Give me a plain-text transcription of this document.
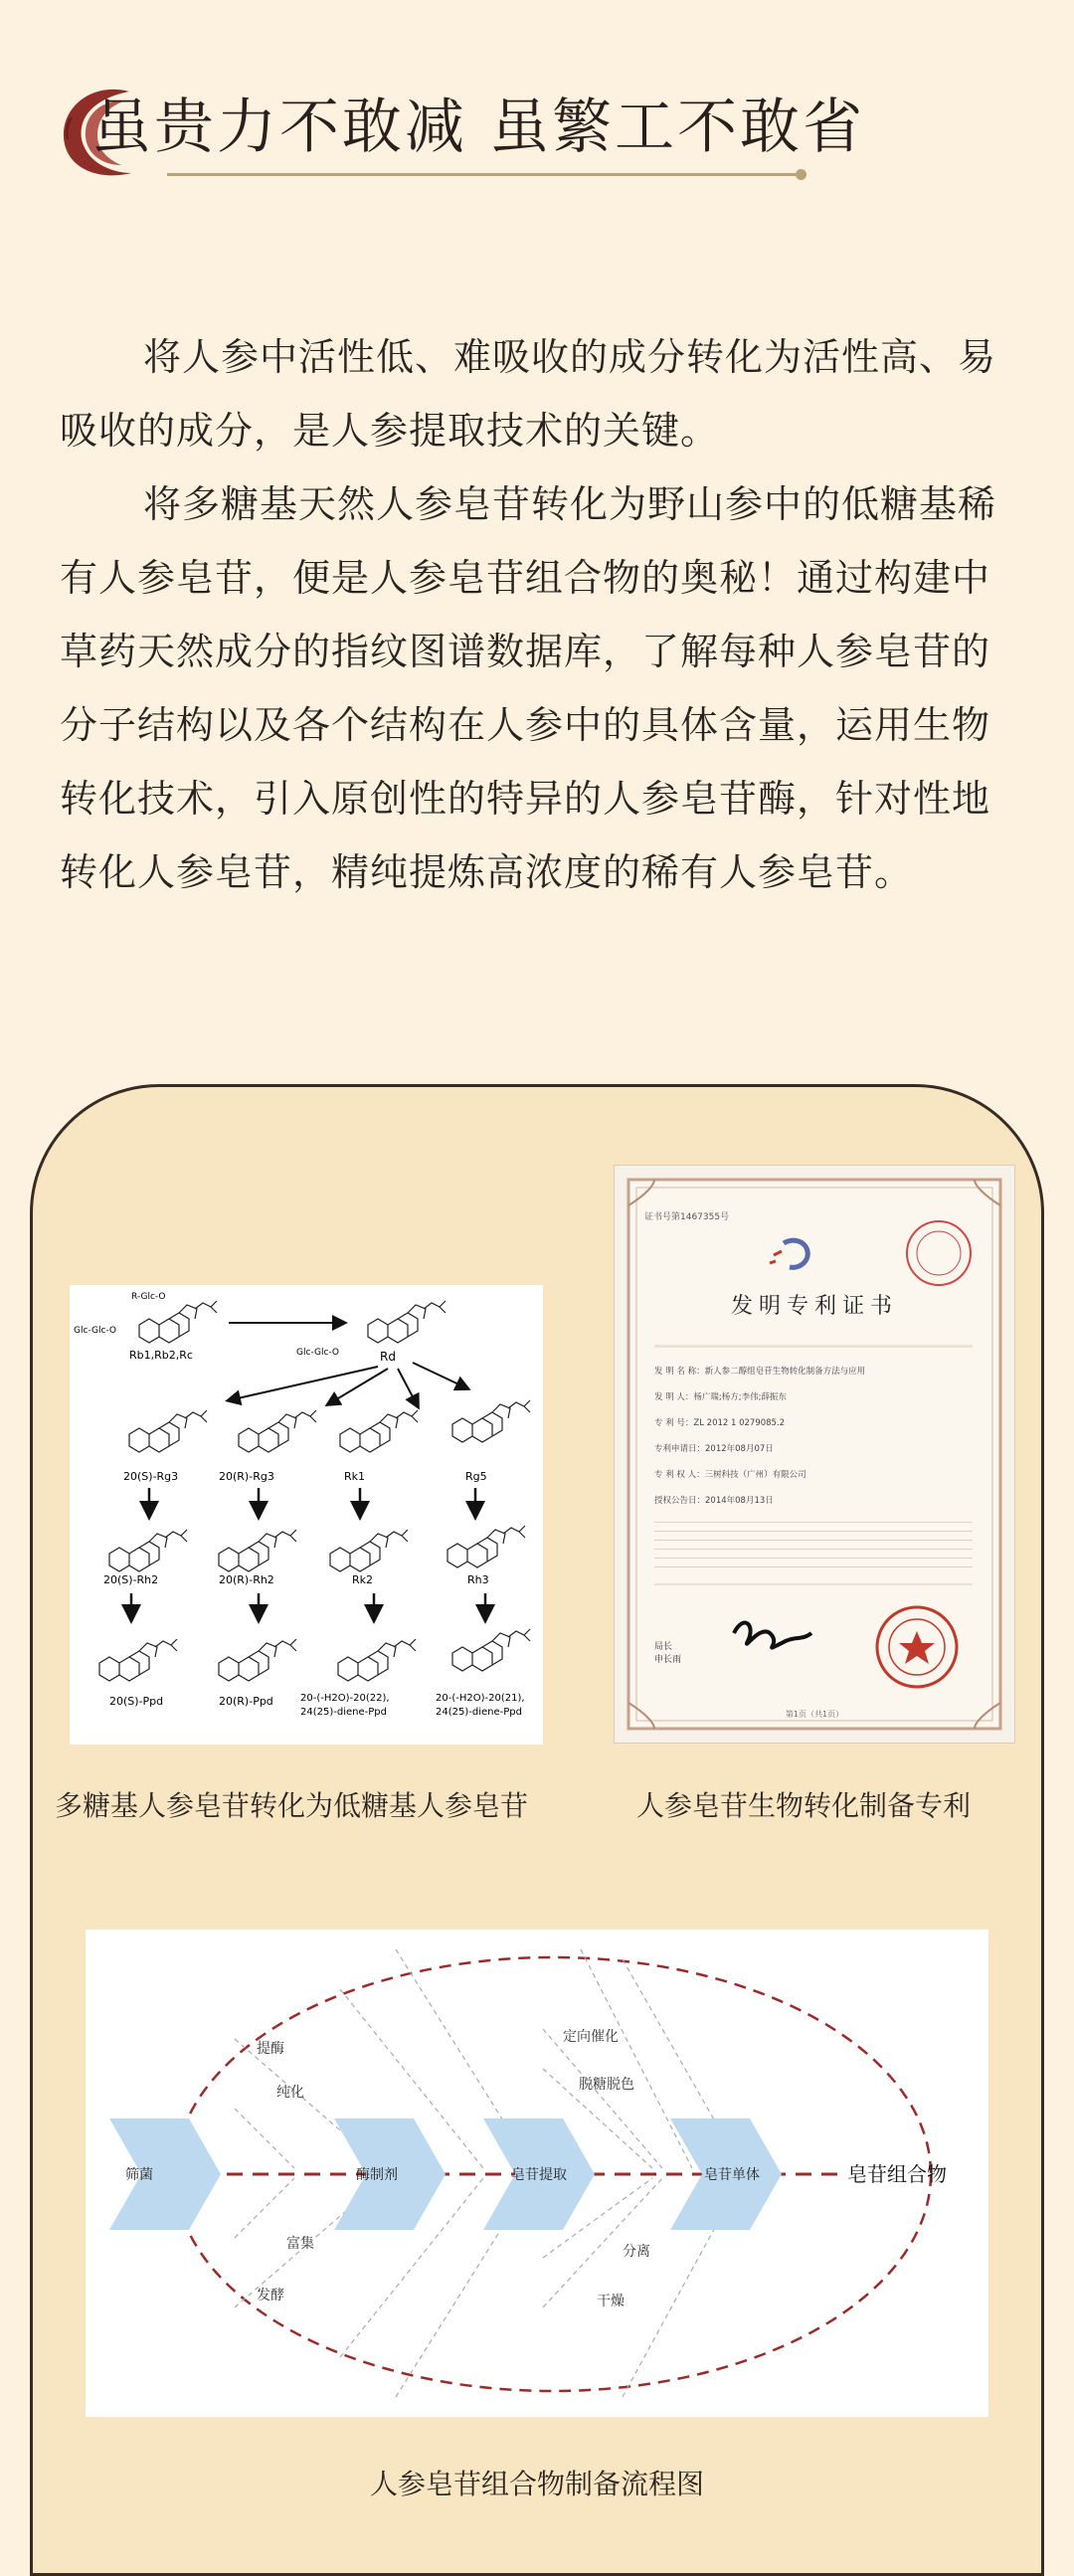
虽贵力不敢减 虽繁工不敢省

将人参中活性低、难吸收的成分转化为活性高、易吸收的成分，是人参提取技术的关键。

将多糖基天然人参皂苷转化为野山参中的低糖基稀有人参皂苷，便是人参皂苷组合物的奥秘！通过构建中草药天然成分的指纹图谱数据库，了解每种人参皂苷的分子结构以及各个结构在人参中的具体含量，运用生物转化技术，引入原创性的特异的人参皂苷酶，针对性地转化人参皂苷，精纯提炼高浓度的稀有人参皂苷。

R-Glc-O
Glc-Glc-O
Rb1,Rb2,Rc	Glc-Glc-O	Rd
20(S)-Rg3	20(R)-Rg3	Rk1	Rg5
20(S)-Rh2	20(R)-Rh2	Rk2	Rh3
20(S)-Ppd	20(R)-Ppd	20-(-H2O)-20(22),
24(25)-diene-Ppd
20-(-H2O)-20(21),
24(25)-diene-Ppd
证书号第1467355号
发明专利证书
发 明 名 称：新人参二醇组皂苷生物转化制备方法与应用
发 明 人：杨广瑞;杨方;李伟;薛振东
专 利 号：ZL 2012 1 0279085.2
专利申请日：2012年08月07日
专 利 权 人：三树科技（广州）有限公司
授权公告日：2014年08月13日
局长
申长雨
第1页（共1页）

多糖基人参皂苷转化为低糖基人参皂苷	人参皂苷生物转化制备专利

提酶
纯化
定向催化
脱糖脱色
富集
发酵
分离
干燥
筛菌	酶制剂	皂苷提取	皂苷单体	皂苷组合物

人参皂苷组合物制备流程图
